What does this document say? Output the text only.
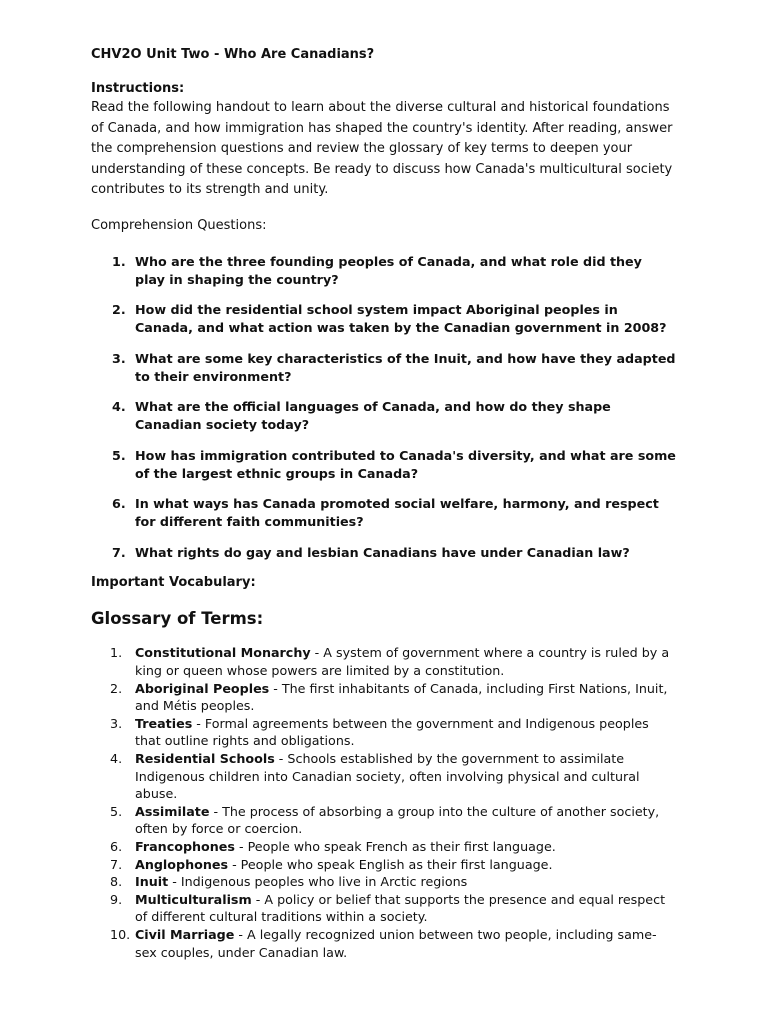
CHV2O Unit Two - Who Are Canadians?
Instructions:

Read the following handout to learn about the diverse cultural and historical foundations of Canada, and how immigration has shaped the country's identity. After reading, answer the comprehension questions and review the glossary of key terms to deepen your understanding of these concepts. Be ready to discuss how Canada's multicultural society contributes to its strength and unity.

Comprehension Questions:
1. Who are the three founding peoples of Canada, and what role did they play in shaping the country?
2. How did the residential school system impact Aboriginal peoples in Canada, and what action was taken by the Canadian government in 2008?
3. What are some key characteristics of the Inuit, and how have they adapted to their environment?
4. What are the official languages of Canada, and how do they shape Canadian society today?
5. How has immigration contributed to Canada's diversity, and what are some of the largest ethnic groups in Canada?
6. In what ways has Canada promoted social welfare, harmony, and respect for different faith communities?
7. What rights do gay and lesbian Canadians have under Canadian law?
Important Vocabulary:
Glossary of Terms:
1. Constitutional Monarchy - A system of government where a country is ruled by a king or queen whose powers are limited by a constitution.
2. Aboriginal Peoples - The first inhabitants of Canada, including First Nations, Inuit, and Métis peoples.
3. Treaties - Formal agreements between the government and Indigenous peoples that outline rights and obligations.
4. Residential Schools - Schools established by the government to assimilate Indigenous children into Canadian society, often involving physical and cultural abuse.
5. Assimilate - The process of absorbing a group into the culture of another society, often by force or coercion.
6. Francophones - People who speak French as their first language.
7. Anglophones - People who speak English as their first language.
8. Inuit - Indigenous peoples who live in Arctic regions
9. Multiculturalism - A policy or belief that supports the presence and equal respect of different cultural traditions within a society.
10. Civil Marriage - A legally recognized union between two people, including same-sex couples, under Canadian law.
